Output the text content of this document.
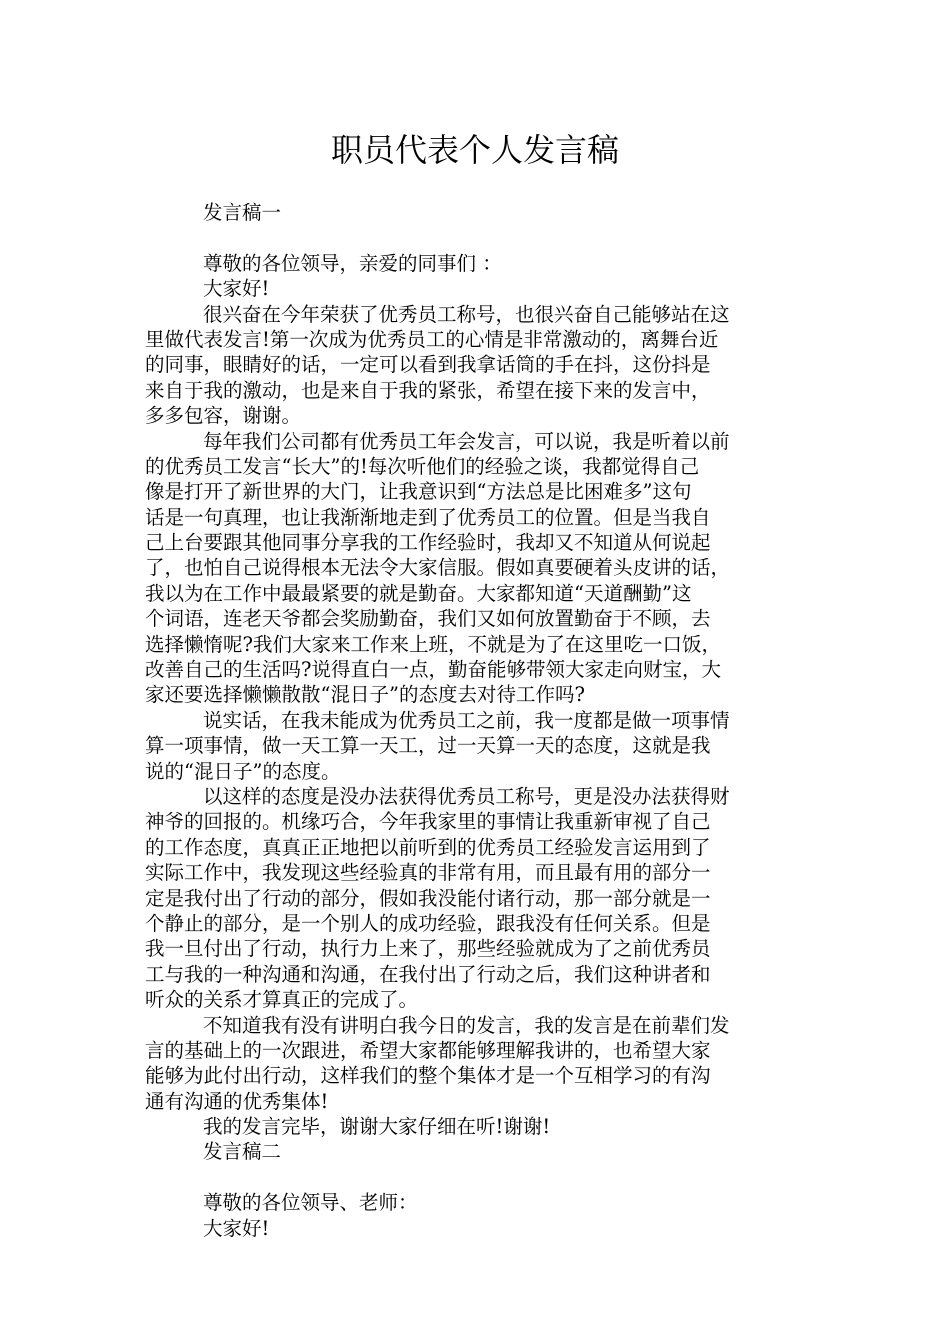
职员代表个人发言稿
发言稿一
尊敬的各位领导，亲爱的同事们 ：
大家好!
很兴奋在今年荣获了优秀员工称号，也很兴奋自己能够站在这
里做代表发言!第一次成为优秀员工的心情是非常激动的，离舞台近
的同事，眼睛好的话，一定可以看到我拿话筒的手在抖，这份抖是
来自于我的激动，也是来自于我的紧张，希望在接下来的发言中，
多多包容，谢谢。
每年我们公司都有优秀员工年会发言，可以说，我是听着以前
的优秀员工发言“长大”的!每次听他们的经验之谈，我都觉得自己
像是打开了新世界的大门，让我意识到“方法总是比困难多”这句
话是一句真理，也让我渐渐地走到了优秀员工的位置。但是当我自
己上台要跟其他同事分享我的工作经验时，我却又不知道从何说起
了，也怕自己说得根本无法令大家信服。假如真要硬着头皮讲的话，
我以为在工作中最最紧要的就是勤奋。大家都知道“天道酬勤”这
个词语，连老天爷都会奖励勤奋，我们又如何放置勤奋于不顾，去
选择懒惰呢?我们大家来工作来上班，不就是为了在这里吃一口饭，
改善自己的生活吗?说得直白一点，勤奋能够带领大家走向财宝，大
家还要选择懒懒散散“混日子”的态度去对待工作吗?
说实话，在我未能成为优秀员工之前，我一度都是做一项事情
算一项事情，做一天工算一天工，过一天算一天的态度，这就是我
说的“混日子”的态度。
以这样的态度是没办法获得优秀员工称号，更是没办法获得财
神爷的回报的。机缘巧合，今年我家里的事情让我重新审视了自己
的工作态度，真真正正地把以前听到的优秀员工经验发言运用到了
实际工作中，我发现这些经验真的非常有用，而且最有用的部分一
定是我付出了行动的部分，假如我没能付诸行动，那一部分就是一
个静止的部分，是一个别人的成功经验，跟我没有任何关系。但是
我一旦付出了行动，执行力上来了，那些经验就成为了之前优秀员
工与我的一种沟通和沟通，在我付出了行动之后，我们这种讲者和
听众的关系才算真正的完成了。
不知道我有没有讲明白我今日的发言，我的发言是在前辈们发
言的基础上的一次跟进，希望大家都能够理解我讲的，也希望大家
能够为此付出行动，这样我们的整个集体才是一个互相学习的有沟
通有沟通的优秀集体!
我的发言完毕，谢谢大家仔细在听!谢谢!
发言稿二
尊敬的各位领导、老师：
大家好!
